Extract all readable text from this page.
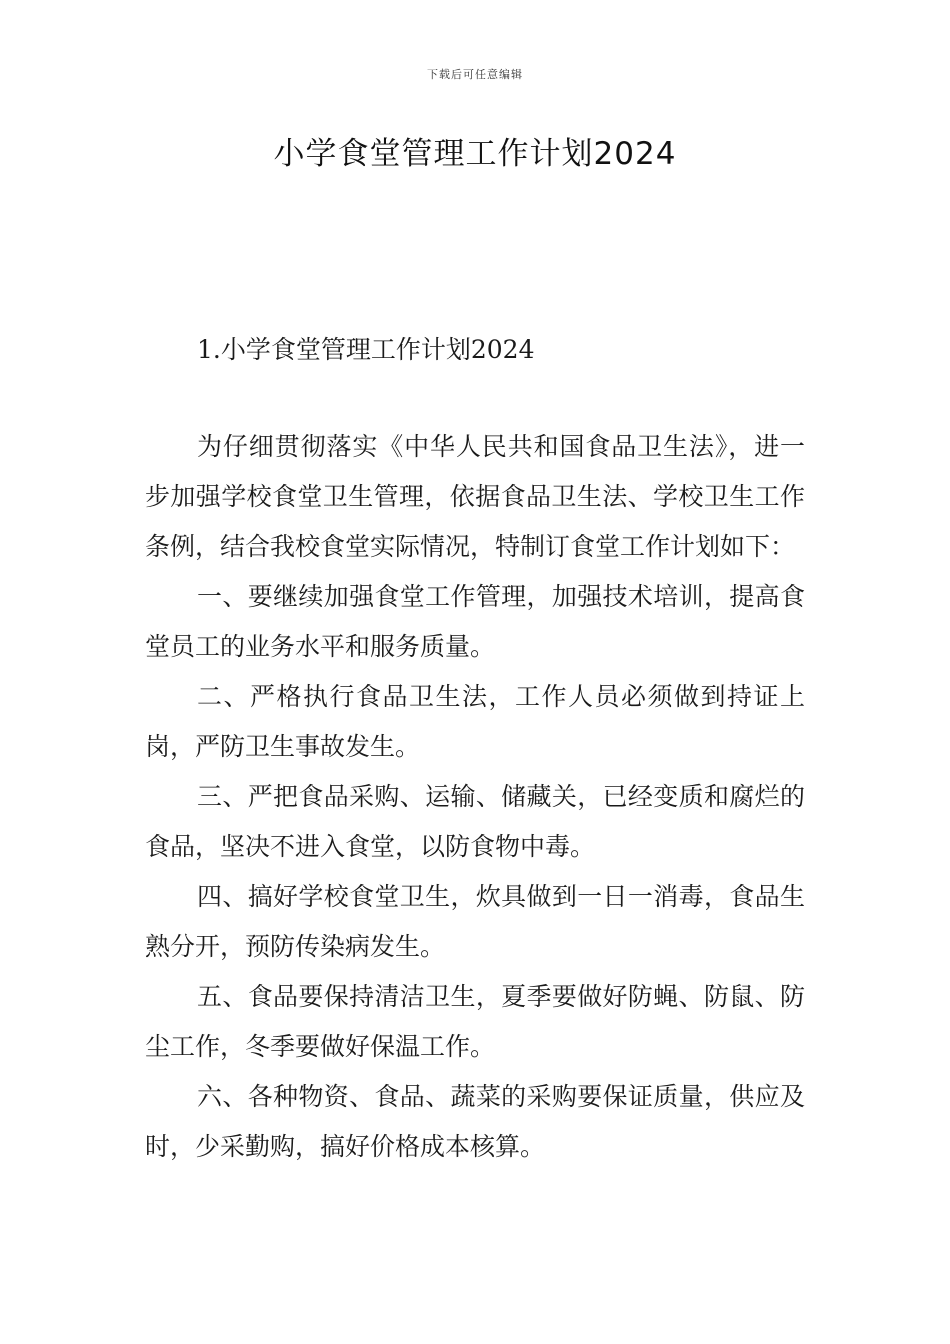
下载后可任意编辑
小学食堂管理工作计划2024
1.小学食堂管理工作计划2024

为仔细贯彻落实《中华人民共和国食品卫生法》，进一步加强学校食堂卫生管理，依据食品卫生法、学校卫生工作条例，结合我校食堂实际情况，特制订食堂工作计划如下：

一、要继续加强食堂工作管理，加强技术培训，提高食堂员工的业务水平和服务质量。

二、严格执行食品卫生法，工作人员必须做到持证上岗，严防卫生事故发生。

三、严把食品采购、运输、储藏关，已经变质和腐烂的食品，坚决不进入食堂，以防食物中毒。

四、搞好学校食堂卫生，炊具做到一日一消毒，食品生熟分开，预防传染病发生。

五、食品要保持清洁卫生，夏季要做好防蝇、防鼠、防尘工作，冬季要做好保温工作。

六、各种物资、食品、蔬菜的采购要保证质量，供应及时，少采勤购，搞好价格成本核算。
